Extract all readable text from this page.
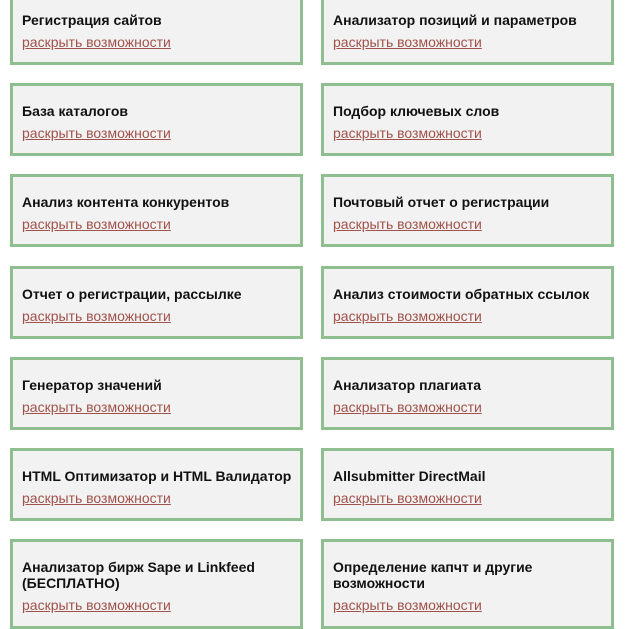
Регистрация сайтов
раскрыть возможности
Анализатор позиций и параметров
раскрыть возможности
База каталогов
раскрыть возможности
Подбор ключевых слов
раскрыть возможности
Анализ контента конкурентов
раскрыть возможности
Почтовый отчет о регистрации
раскрыть возможности
Отчет о регистрации, рассылке
раскрыть возможности
Анализ стоимости обратных ссылок
раскрыть возможности
Генератор значений
раскрыть возможности
Анализатор плагиата
раскрыть возможности
HTML Оптимизатор и HTML Валидатор
раскрыть возможности
Allsubmitter DirectMail
раскрыть возможности
Анализатор бирж Sape и Linkfeed (БЕСПЛАТНО)
раскрыть возможности
Определение капчт и другие возможности
раскрыть возможности
